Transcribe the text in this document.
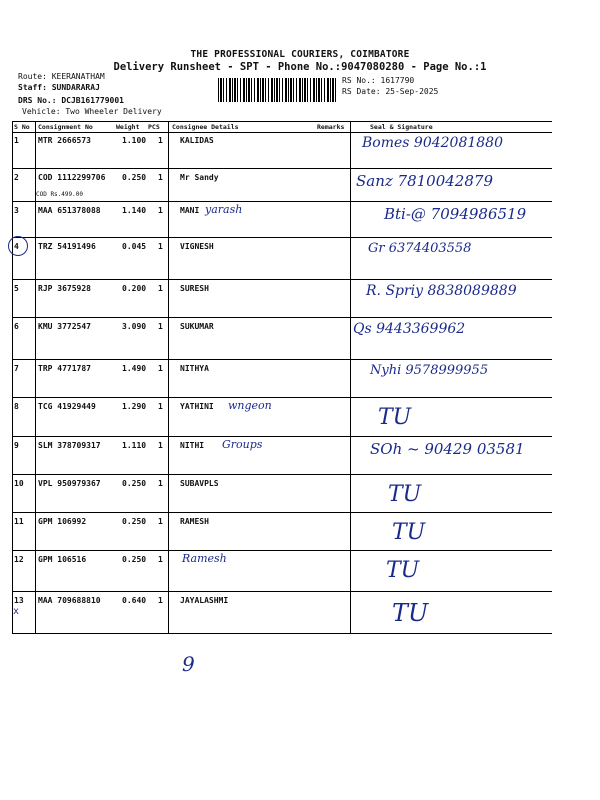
THE PROFESSIONAL COURIERS, COIMBATORE
Delivery Runsheet - SPT - Phone No.:9047080280 - Page No.:1
Route: KEERANATHAM
Staff: SUNDARARAJ
DRS No.: DCJB161779001
Vehicle: Two Wheeler Delivery
RS No.: 1617790
RS Date: 25-Sep-2025
S No Consignment No	Weight PCS Consignee Details	Remarks	Seal & Signature
1 MTR 2666573	1.100 1 KALIDAS	Bomes 9042081880
2 COD 1112299706 0.250 1 Mr Sandy	Sanz 7810042879
3 MAA 651378088	1.140 1 MANI yarash	Bti-@ 7094986519
4 TRZ 54191496	0.045 1 VIGNESH	Gr 6374403558
5 RJP 3675928	0.200 1 SURESH	R. Spriy 8838089889
6 KMU 3772547	3.090 1 SUKUMAR	Qs 9443369962
7 TRP 4771787	1.490 1 NITHYA	Nyhi 9578999955
8 TCG 41929449	1.290 1 YATHINI wngeon	TU
9 SLM 378709317	1.110 1 NITHI Groups	SOh ~ 90429 03581
10 VPL 950979367	0.250 1 SUBAVPLS	TU
11 GPM 106992	0.250 1 RAMESH	TU
12 GPM 106516	0.250 1 Ramesh	TU
13 MAA 709688810	0.640 1 JAYALASHMI	TU
COD Rs.499.00
x
9
